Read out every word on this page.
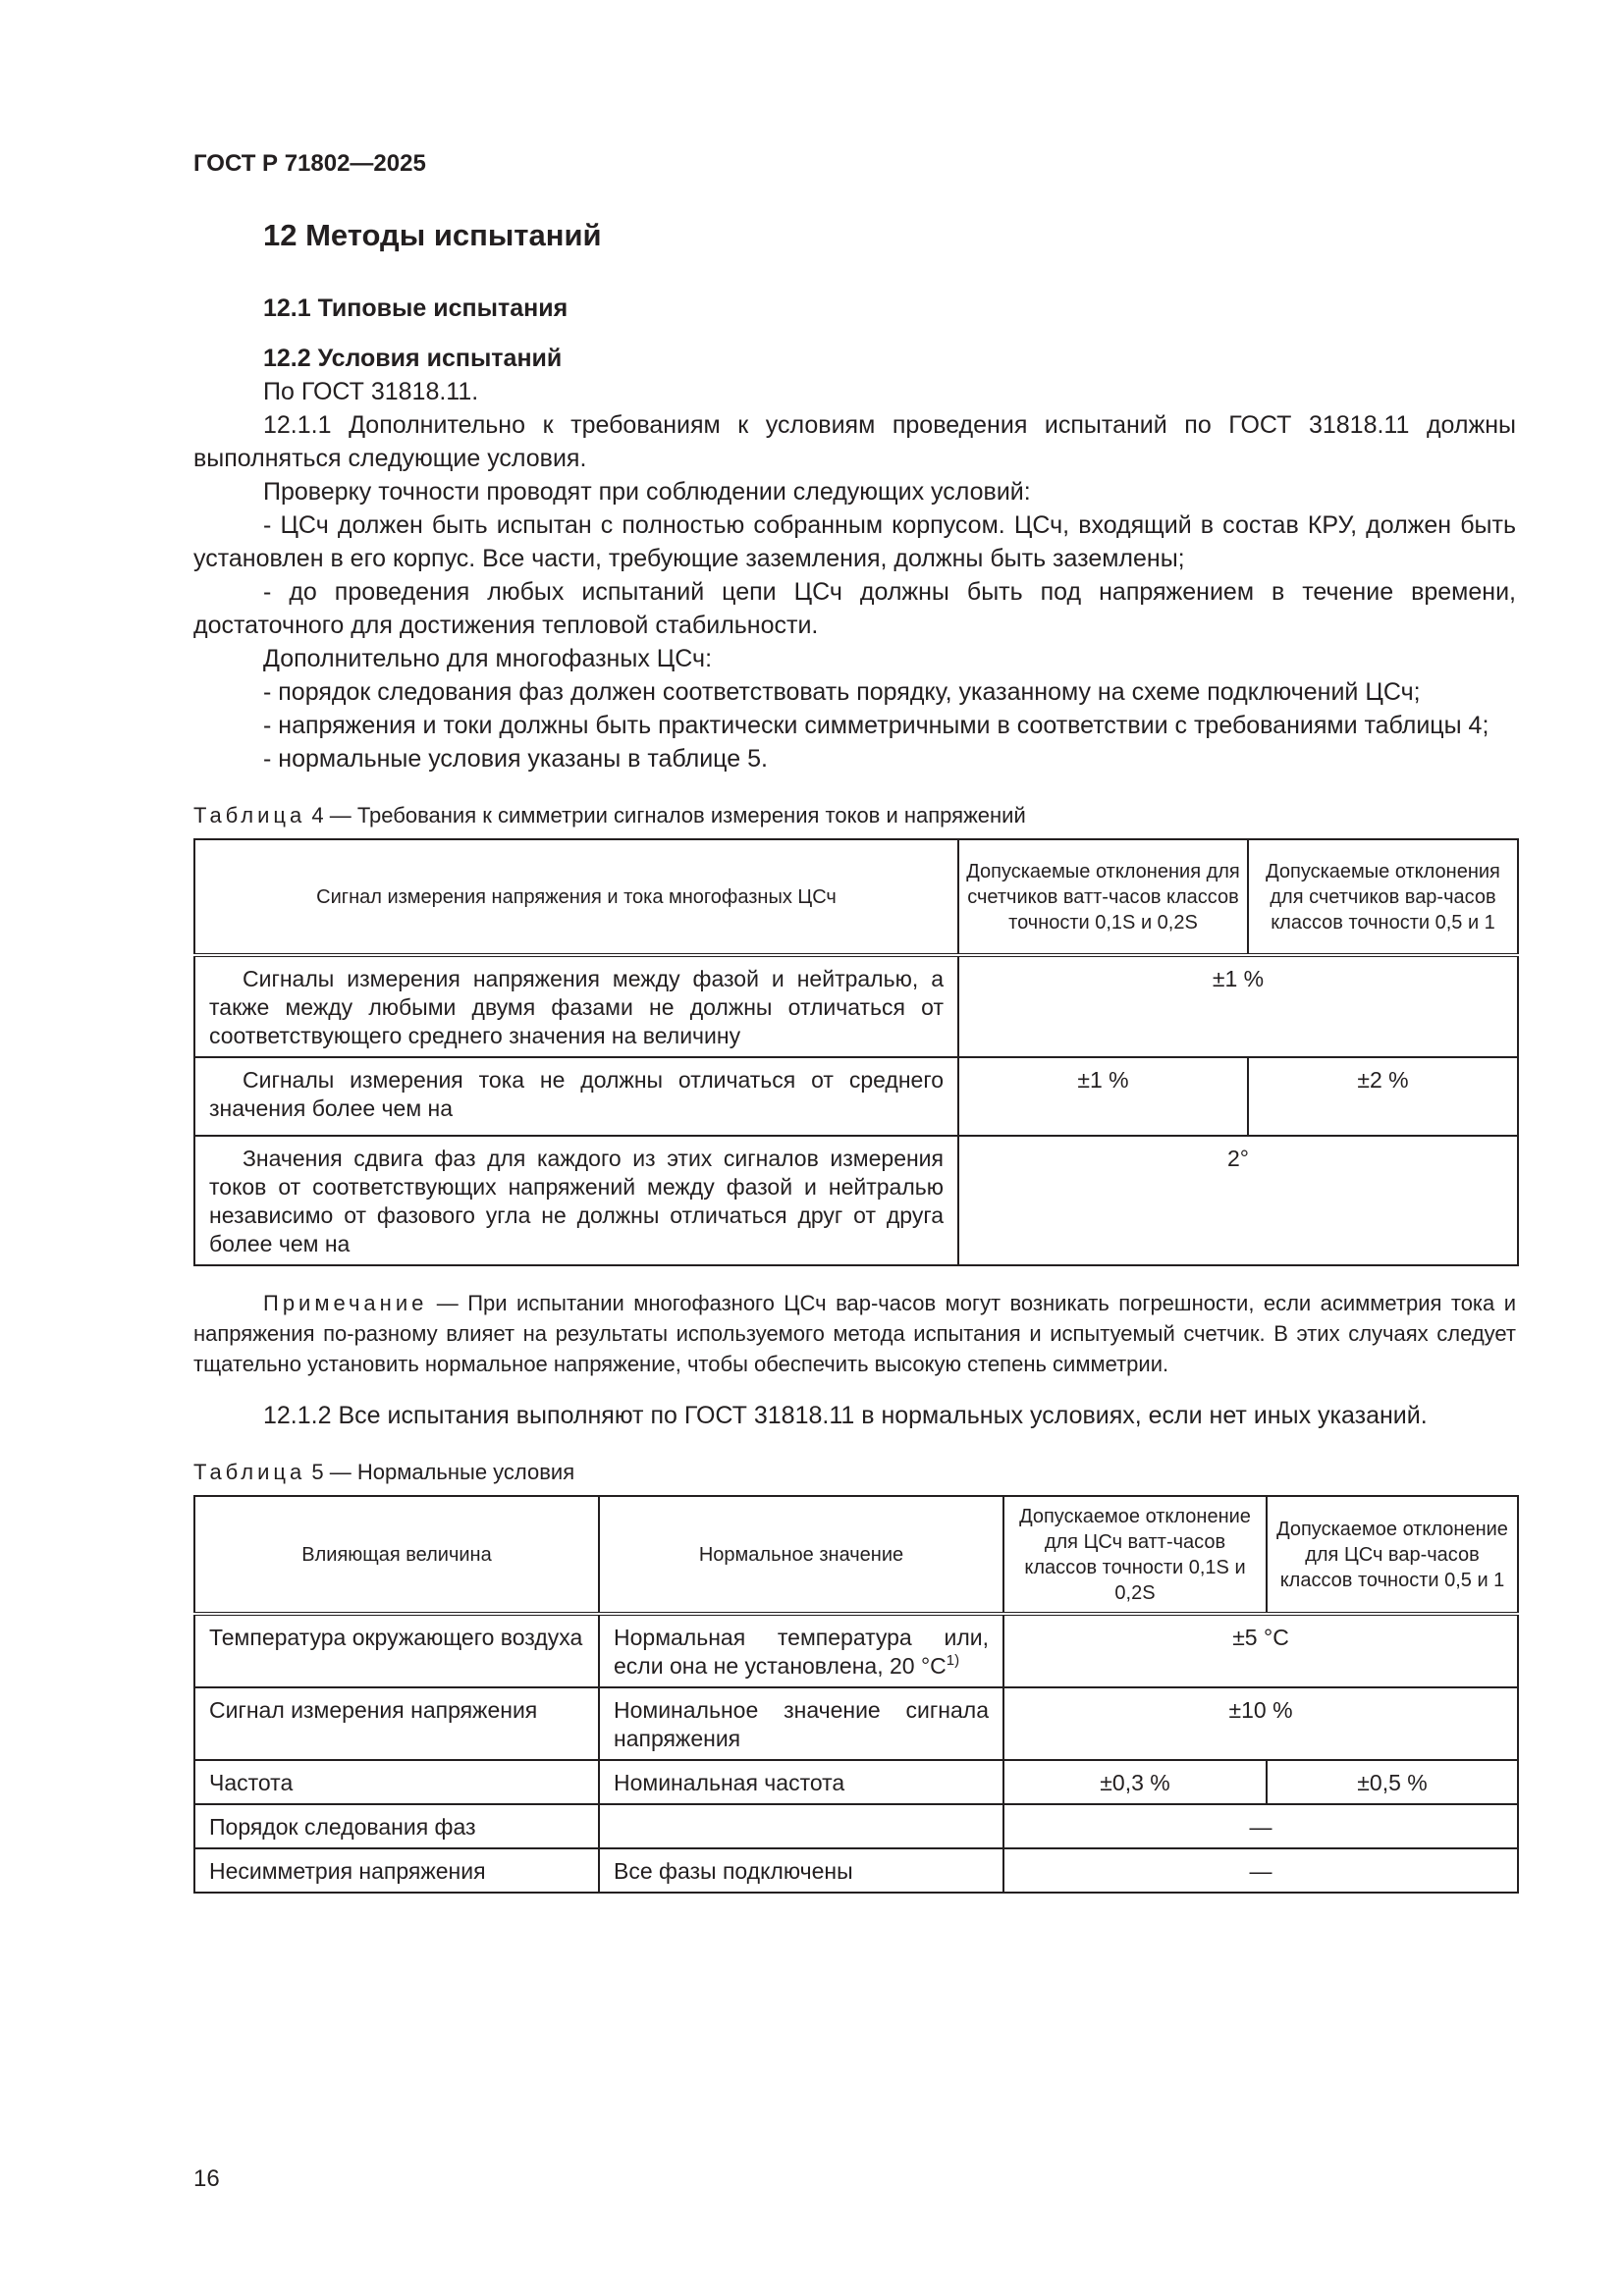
ГОСТ Р 71802—2025
12 Методы испытаний
12.1 Типовые испытания
12.2 Условия испытаний

По ГОСТ 31818.11.

12.1.1 Дополнительно к требованиям к условиям проведения испытаний по ГОСТ 31818.11 должны выполняться следующие условия.

Проверку точности проводят при соблюдении следующих условий:

- ЦСч должен быть испытан с полностью собранным корпусом. ЦСч, входящий в состав КРУ, должен быть установлен в его корпус. Все части, требующие заземления, должны быть заземлены;

- до проведения любых испытаний цепи ЦСч должны быть под напряжением в течение времени, достаточного для достижения тепловой стабильности.

Дополнительно для многофазных ЦСч:

- порядок следования фаз должен соответствовать порядку, указанному на схеме подключений ЦСч;

- напряжения и токи должны быть практически симметричными в соответствии с требованиями таблицы 4;

- нормальные условия указаны в таблице 5.

Таблица 4 — Требования к симметрии сигналов измерения токов и напряжений
Сигнал измерения напряжения и тока многофазных ЦСч	Допускаемые отклонения для счетчиков ватт-часов классов точности 0,1S и 0,2S	Допускаемые отклонения для счетчиков вар-часов классов точности 0,5 и 1
Сигналы измерения напряжения между фазой и нейтралью, а также между любыми двумя фазами не должны отличаться от соответствующего среднего значения на величину	±1 %	
Сигналы измерения тока не должны отличаться от среднего значения более чем на	±1 %	±2 %
Значения сдвига фаз для каждого из этих сигналов измерения токов от соответствующих напряжений между фазой и нейтралью независимо от фазового угла не должны отличаться друг от друга более чем на	2°	
Примечание — При испытании многофазного ЦСч вар-часов могут возникать погрешности, если асимметрия тока и напряжения по-разному влияет на результаты используемого метода испытания и испытуемый счетчик. В этих случаях следует тщательно установить нормальное напряжение, чтобы обеспечить высокую степень симметрии.

12.1.2 Все испытания выполняют по ГОСТ 31818.11 в нормальных условиях, если нет иных указаний.

Таблица 5 — Нормальные условия
Влияющая величина	Нормальное значение	Допускаемое отклонение для ЦСч ватт-часов классов точности 0,1S и 0,2S	Допускаемое отклонение для ЦСч вар-часов классов точности 0,5 и 1
Температура окружающего воздуха	Нормальная температура или, если она не установлена, 20 $^\circ C^{1)}$	±5 °C	
Сигнал измерения напряжения	Номинальное значение сигнала напряжения	±10 %	
Частота	Номинальная частота	±0,3 %	±0,5 %
Порядок следования фаз		—	
Несимметрия напряжения	Все фазы подключены	—	
16
